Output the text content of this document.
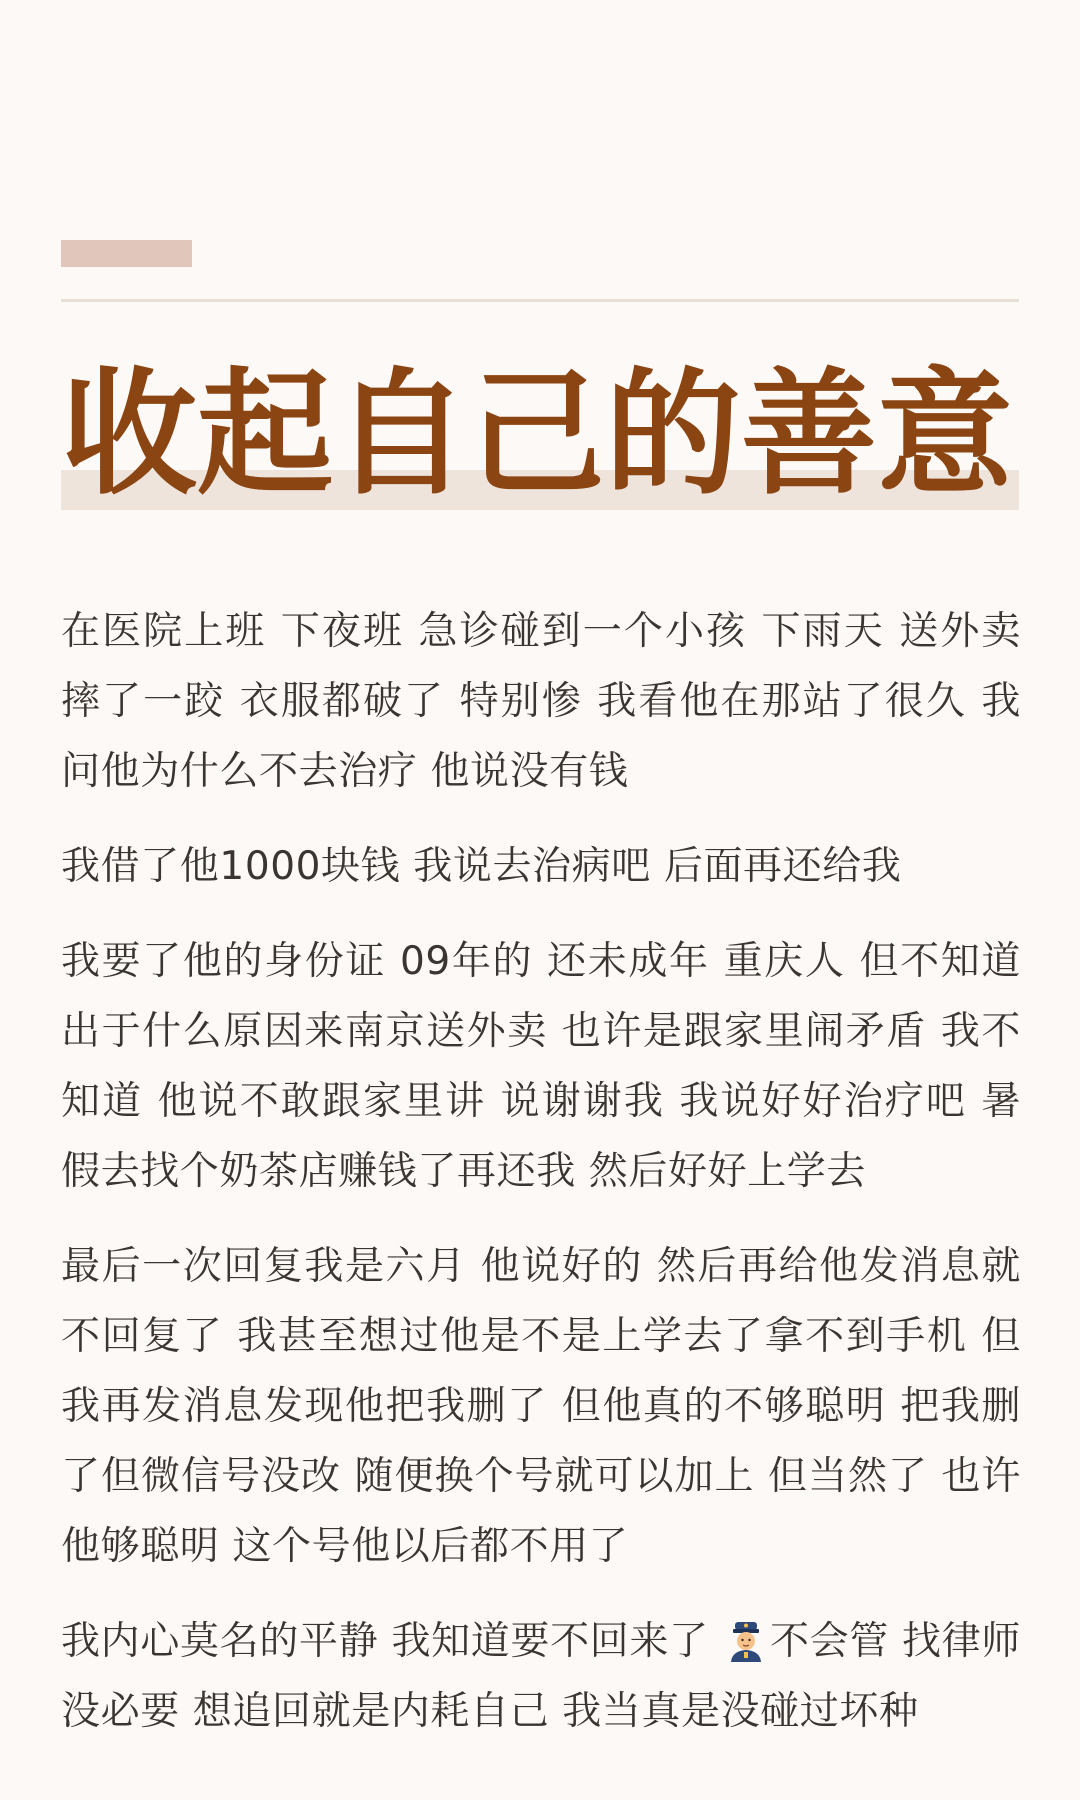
收起自己的善意

在医院上班 下夜班 急诊碰到一个小孩 下雨天 送外卖摔了一跤 衣服都破了 特别惨 我看他在那站了很久 我问他为什么不去治疗 他说没有钱

我借了他1000块钱 我说去治病吧 后面再还给我

我要了他的身份证 09年的 还未成年 重庆人 但不知道出于什么原因来南京送外卖 也许是跟家里闹矛盾 我不知道 他说不敢跟家里讲 说谢谢我 我说好好治疗吧 暑假去找个奶茶店赚钱了再还我 然后好好上学去

最后一次回复我是六月 他说好的 然后再给他发消息就不回复了 我甚至想过他是不是上学去了拿不到手机 但我再发消息发现他把我删了 但他真的不够聪明 把我删了但微信号没改 随便换个号就可以加上 但当然了 也许他够聪明 这个号他以后都不用了

我内心莫名的平静 我知道要不回来了 不会管 找律师没必要 想追回就是内耗自己 我当真是没碰过坏种
